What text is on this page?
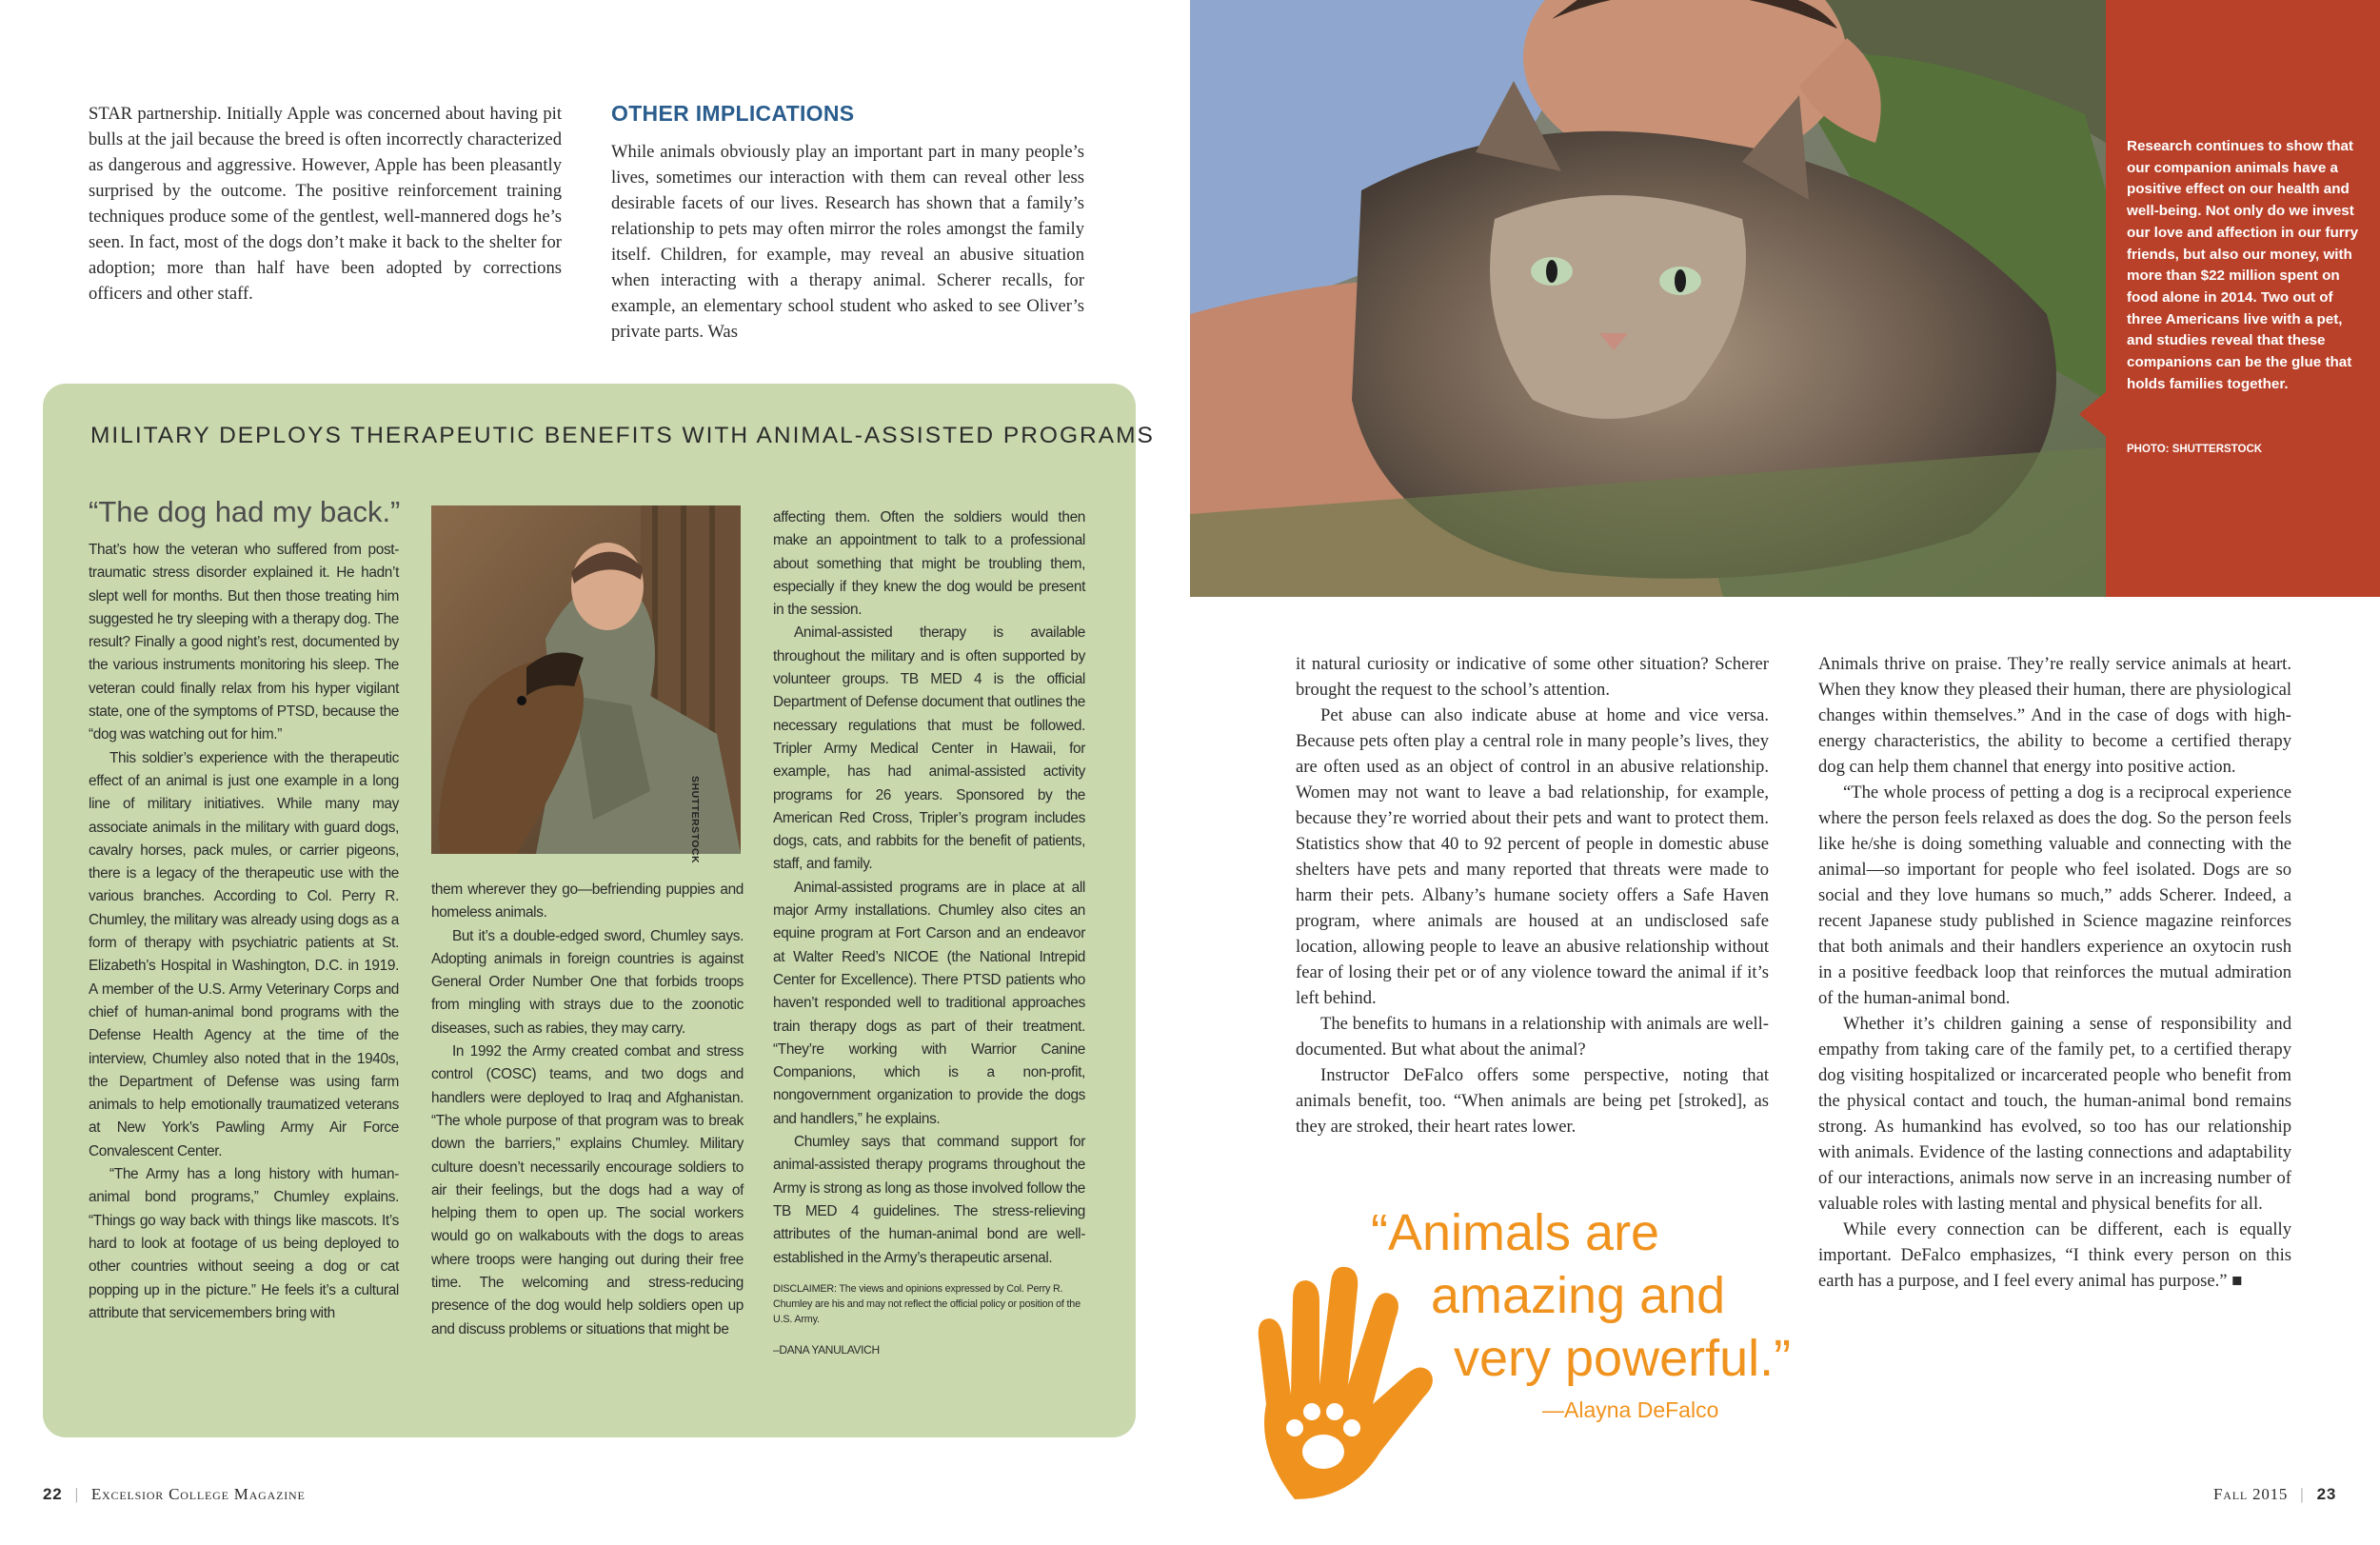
STAR partnership. Initially Apple was concerned about having pit bulls at the jail because the breed is often incorrectly characterized as dangerous and aggressive. However, Apple has been pleasantly surprised by the outcome. The positive reinforcement training techniques produce some of the gentlest, well-mannered dogs he’s seen. In fact, most of the dogs don’t make it back to the shelter for adoption; more than half have been adopted by corrections officers and other staff.

OTHER IMPLICATIONS

While animals obviously play an important part in many people’s lives, sometimes our interaction with them can reveal other less desirable facets of our lives. Research has shown that a family’s relationship to pets may often mirror the roles amongst the family itself. Children, for example, may reveal an abusive situation when interacting with a therapy animal. Scherer recalls, for example, an elementary school student who asked to see Oliver’s private parts. Was

MILITARY DEPLOYS THERAPEUTIC BENEFITS WITH ANIMAL-ASSISTED PROGRAMS
“The dog had my back.”

That’s how the veteran who suffered from post-traumatic stress disorder explained it. He hadn’t slept well for months. But then those treating him suggested he try sleeping with a therapy dog. The result? Finally a good night’s rest, documented by the various instruments monitoring his sleep. The veteran could finally relax from his hyper vigilant state, one of the symptoms of PTSD, because the “dog was watching out for him.”

This soldier’s experience with the therapeutic effect of an animal is just one example in a long line of military initiatives. While many may associate animals in the military with guard dogs, cavalry horses, pack mules, or carrier pigeons, there is a legacy of the therapeutic use with the various branches. According to Col. Perry R. Chumley, the military was already using dogs as a form of therapy with psychiatric patients at St. Elizabeth’s Hospital in Washington, D.C. in 1919. A member of the U.S. Army Veterinary Corps and chief of human-animal bond programs with the Defense Health Agency at the time of the interview, Chumley also noted that in the 1940s, the Department of Defense was using farm animals to help emotionally traumatized veterans at New York’s Pawling Army Air Force Convalescent Center.

“The Army has a long history with human-animal bond programs,” Chumley explains. “Things go way back with things like mascots. It’s hard to look at footage of us being deployed to other countries without seeing a dog or cat popping up in the picture.” He feels it’s a cultural attribute that servicemembers bring with

SHUTTERSTOCK

them wherever they go—befriending puppies and homeless animals.

But it’s a double-edged sword, Chumley says. Adopting animals in foreign countries is against General Order Number One that forbids troops from mingling with strays due to the zoonotic diseases, such as rabies, they may carry.

In 1992 the Army created combat and stress control (COSC) teams, and two dogs and handlers were deployed to Iraq and Afghanistan. “The whole purpose of that program was to break down the barriers,” explains Chumley. Military culture doesn’t necessarily encourage soldiers to air their feelings, but the dogs had a way of helping them to open up. The social workers would go on walkabouts with the dogs to areas where troops were hanging out during their free time. The welcoming and stress-reducing presence of the dog would help soldiers open up and discuss problems or situations that might be

affecting them. Often the soldiers would then make an appointment to talk to a professional about something that might be troubling them, especially if they knew the dog would be present in the session.

Animal-assisted therapy is available throughout the military and is often supported by volunteer groups. TB MED 4 is the official Department of Defense document that outlines the necessary regulations that must be followed. Tripler Army Medical Center in Hawaii, for example, has had animal-assisted activity programs for 26 years. Sponsored by the American Red Cross, Tripler’s program includes dogs, cats, and rabbits for the benefit of patients, staff, and family.

Animal-assisted programs are in place at all major Army installations. Chumley also cites an equine program at Fort Carson and an endeavor at Walter Reed’s NICOE (the National Intrepid Center for Excellence). There PTSD patients who haven’t responded well to traditional approaches train therapy dogs as part of their treatment. “They’re working with Warrior Canine Companions, which is a non-profit, nongovernment organization to provide the dogs and handlers,” he explains.

Chumley says that command support for animal-assisted therapy programs throughout the Army is strong as long as those involved follow the TB MED 4 guidelines. The stress-relieving attributes of the human-animal bond are well-established in the Army’s therapeutic arsenal.

DISCLAIMER: The views and opinions expressed by Col. Perry R. Chumley are his and may not reflect the official policy or position of the U.S. Army.

–DANA YANULAVICH

Research continues to show that our companion animals have a positive effect on our health and well-being. Not only do we invest our love and affection in our furry friends, but also our money, with more than $22 million spent on food alone in 2014. Two out of three Americans live with a pet, and studies reveal that these companions can be the glue that holds families together.
PHOTO: SHUTTERSTOCK

it natural curiosity or indicative of some other situation? Scherer brought the request to the school’s attention.

Pet abuse can also indicate abuse at home and vice versa. Because pets often play a central role in many people’s lives, they are often used as an object of control in an abusive relationship. Women may not want to leave a bad relationship, for example, because they’re worried about their pets and want to protect them. Statistics show that 40 to 92 percent of people in domestic abuse shelters have pets and many reported that threats were made to harm their pets. Albany’s humane society offers a Safe Haven program, where animals are housed at an undisclosed safe location, allowing people to leave an abusive relationship without fear of losing their pet or of any violence toward the animal if it’s left behind.

The benefits to humans in a relationship with animals are well-documented. But what about the animal?

Instructor DeFalco offers some perspective, noting that animals benefit, too. “When animals are being pet [stroked], as they are stroked, their heart rates lower.

Animals thrive on praise. They’re really service animals at heart. When they know they pleased their human, there are physiological changes within themselves.” And in the case of dogs with high-energy characteristics, the ability to become a certified therapy dog can help them channel that energy into positive action.

“The whole process of petting a dog is a reciprocal experience where the person feels relaxed as does the dog. So the person feels like he/she is doing something valuable and connecting with the animal—so important for people who feel isolated. Dogs are so social and they love humans so much,” adds Scherer. Indeed, a recent Japanese study published in Science magazine reinforces that both animals and their handlers experience an oxytocin rush in a positive feedback loop that reinforces the mutual admiration of the human-animal bond.

Whether it’s children gaining a sense of responsibility and empathy from taking care of the family pet, to a certified therapy dog visiting hospitalized or incarcerated people who benefit from the physical contact and touch, the human-animal bond remains strong. As humankind has evolved, so too has our relationship with animals. Evidence of the lasting connections and adaptability of our interactions, animals now serve in an increasing number of valuable roles with lasting mental and physical benefits for all.

While every connection can be different, each is equally important. DeFalco emphasizes, “I think every person on this earth has a purpose, and I feel every animal has purpose.” ■

“Animals are
amazing and
very powerful.”
—Alayna DeFalco
22 | Excelsior College Magazine	Fall 2015 | 23
